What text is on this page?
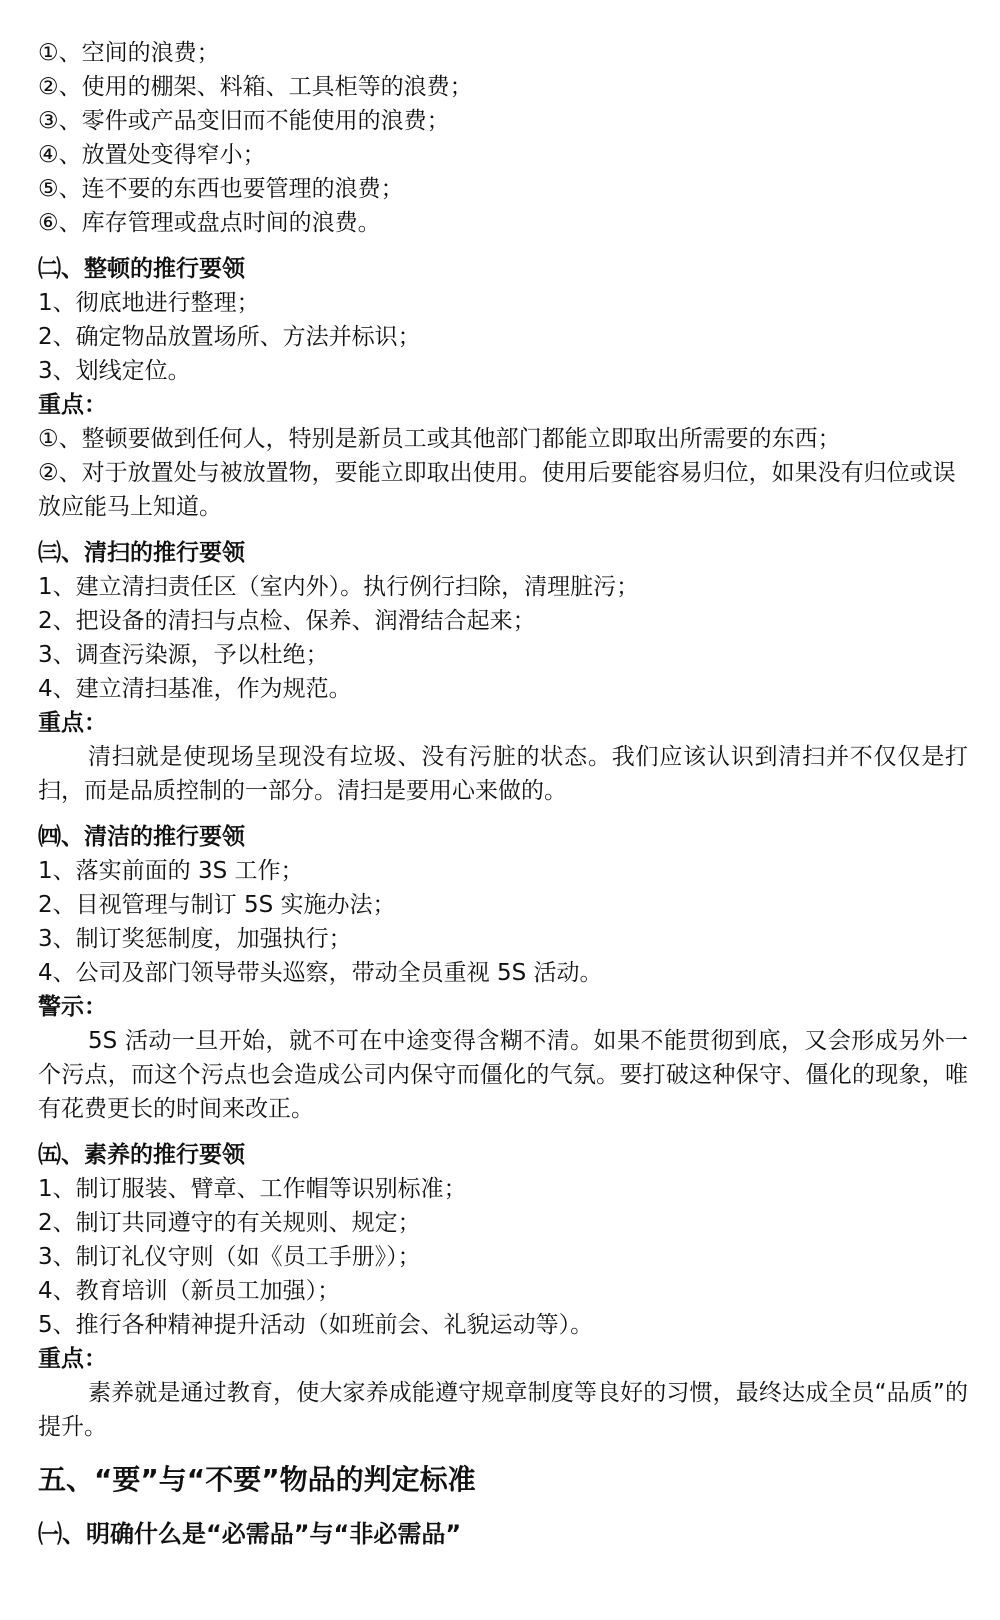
①、空间的浪费；
②、使用的棚架、料箱、工具柜等的浪费；
③、零件或产品变旧而不能使用的浪费；
④、放置处变得窄小；
⑤、连不要的东西也要管理的浪费；
⑥、库存管理或盘点时间的浪费。
㈡、整顿的推行要领
1、彻底地进行整理；
2、确定物品放置场所、方法并标识；
3、划线定位。
重点：
①、整顿要做到任何人，特别是新员工或其他部门都能立即取出所需要的东西；
②、对于放置处与被放置物，要能立即取出使用。使用后要能容易归位，如果没有归位或误放应能马上知道。
㈢、清扫的推行要领
1、建立清扫责任区（室内外）。执行例行扫除，清理脏污；
2、把设备的清扫与点检、保养、润滑结合起来；
3、调查污染源，予以杜绝；
4、建立清扫基准，作为规范。
重点：
清扫就是使现场呈现没有垃圾、没有污脏的状态。我们应该认识到清扫并不仅仅是打扫，而是品质控制的一部分。清扫是要用心来做的。
㈣、清洁的推行要领
1、落实前面的 3S 工作；
2、目视管理与制订 5S 实施办法；
3、制订奖惩制度，加强执行；
4、公司及部门领导带头巡察，带动全员重视 5S 活动。
警示：
5S 活动一旦开始，就不可在中途变得含糊不清。如果不能贯彻到底，又会形成另外一个污点，而这个污点也会造成公司内保守而僵化的气氛。要打破这种保守、僵化的现象，唯有花费更长的时间来改正。
㈤、素养的推行要领
1、制订服装、臂章、工作帽等识别标准；
2、制订共同遵守的有关规则、规定；
3、制订礼仪守则（如《员工手册》）；
4、教育培训（新员工加强）；
5、推行各种精神提升活动（如班前会、礼貌运动等）。
重点：
素养就是通过教育，使大家养成能遵守规章制度等良好的习惯，最终达成全员“品质”的提升。
五、“要”与“不要”物品的判定标准
㈠、明确什么是“必需品”与“非必需品”
